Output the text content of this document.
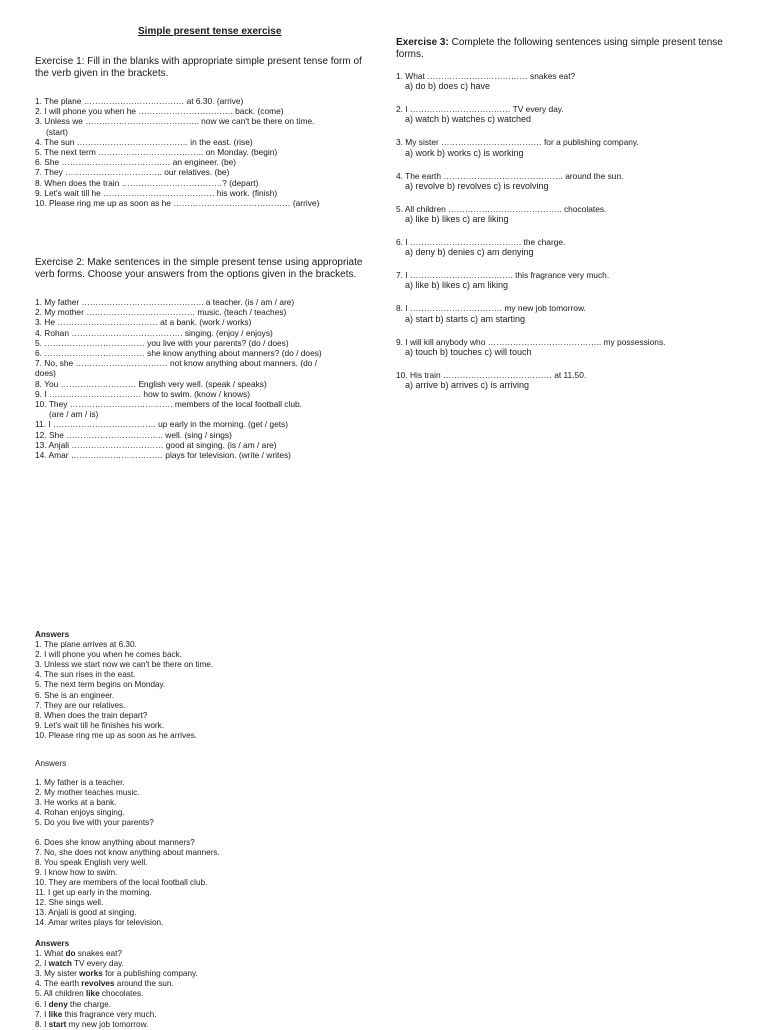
Simple present tense exercise

Exercise 1: Fill in the blanks with appropriate simple present tense form of the verb given in the brackets.

1. The plane ……………………………… at 6.30. (arrive)
2. I will phone you when he ……………………………. back. (come)
3. Unless we ………………………………….. now we can't be there on time.
(start)
4. The sun …………………………………. in the east. (rise)
5. The next term ……………………………….. on Monday. (begin)
6. She ………………………………… an engineer. (be)
7. They …………………………….. our relatives. (be)
8. When does the train ………………………………? (depart)
9. Let's wait till he …………………………………. his work. (finish)
10. Please ring me up as soon as he …………………………………… (arrive)

Exercise 2: Make sentences in the simple present tense using appropriate verb forms. Choose your answers from the options given in the brackets.

1. My father …………………………………….. a teacher. (is / am / are)
2. My mother ………………………………… music. (teach / teaches)
3. He ……………………………… at a bank. (work / works)
4. Rohan …………………………………. singing. (enjoy / enjoys)
5. ……………………………… you live with your parents? (do / does)
6. ……………………………… she know anything about manners? (do / does)
7. No, she …………………………… not know anything about manners. (do /
does)
8. You ……………………… English very well. (speak / speaks)
9. I …………………………… how to swim. (know / knows)
10. They ………………………………. members of the local football club.
(are / am / is)
11. I ………………………………. up early in the morning. (get / gets)
12. She …………………………….. well. (sing / sings)
13. Anjali …………………………… good at singing. (is / am / are)
14. Amar …………………………… plays for television. (write / writes)

Exercise 3: Complete the following sentences using simple present tense forms.

1. What ……………………………… snakes eat?
a) do b) does c) have
2. I ……………………………… TV every day.
a) watch b) watches c) watched
3. My sister ……………………………… for a publishing company.
a) work b) works c) is working
4. The earth ……………………………………. around the sun.
a) revolve b) revolves c) is revolving
5. All children ………………………………….. chocolates.
a) like b) likes c) are liking
6. I …………………………………. the charge.
a) deny b) denies c) am denying
7. I ………………………………. this fragrance very much.
a) like b) likes c) am liking
8. I …………………………… my new job tomorrow.
a) start b) starts c) am starting
9. I will kill anybody who ………………………………….. my possessions.
a) touch b) touches c) will touch
10. His train ………………………………… at 11.50.
a) arrive b) arrives c) is arriving
Answers
1. The plane arrives at 6.30.
2. I will phone you when he comes back.
3. Unless we start now we can't be there on time.
4. The sun rises in the east.
5. The next term begins on Monday.
6. She is an engineer.
7. They are our relatives.
8. When does the train depart?
9. Let's wait till he finishes his work.
10. Please ring me up as soon as he arrives.
Answers
1. My father is a teacher.
2. My mother teaches music.
3. He works at a bank.
4. Rohan enjoys singing.
5. Do you live with your parents?
6. Does she know anything about manners?
7. No, she does not know anything about manners.
8. You speak English very well.
9. I know how to swim.
10. They are members of the local football club.
11. I get up early in the morning.
12. She sings well.
13. Anjali is good at singing.
14. Amar writes plays for television.
Answers
1. What do snakes eat?
2. I watch TV every day.
3. My sister works for a publishing company.
4. The earth revolves around the sun.
5. All children like chocolates.
6. I deny the charge.
7. I like this fragrance very much.
8. I start my new job tomorrow.
